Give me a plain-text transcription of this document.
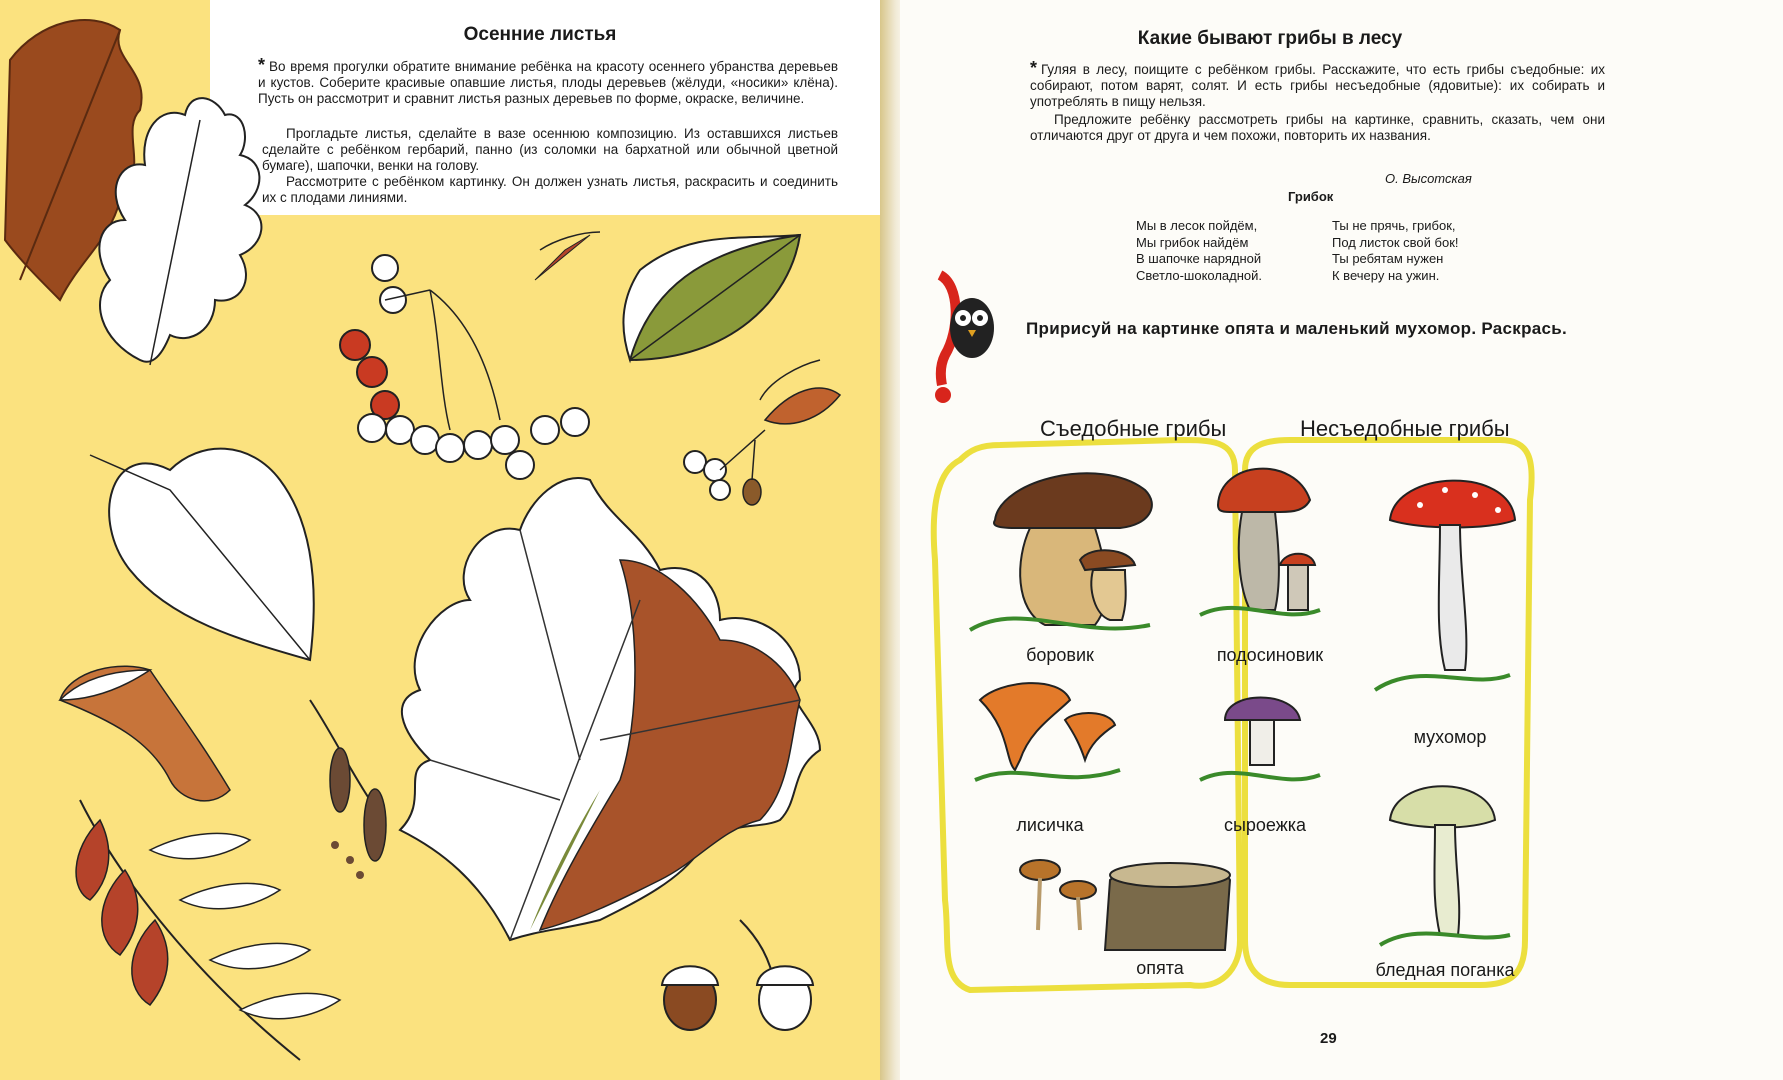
Осенние листья
* Во время прогулки обратите внимание ребёнка на красоту осеннего убранства деревьев и кустов. Соберите красивые опавшие листья, плоды деревьев (жёлуди, «носики» клёна). Пусть он рассмотрит и сравнит листья разных деревьев по форме, окраске, величине.
Прогладьте листья, сделайте в вазе осеннюю композицию. Из оставшихся листьев сделайте с ребёнком гербарий, панно (из соломки на бархатной или обычной цветной бумаге), шапочки, венки на голову.
Рассмотрите с ребёнком картинку. Он должен узнать листья, раскрасить и соединить их с плодами линиями.
Какие бывают грибы в лесу
* Гуляя в лесу, поищите с ребёнком грибы. Расскажите, что есть грибы съедобные: их собирают, потом варят, солят. И есть грибы несъедобные (ядовитые): их собирать и употреблять в пищу нельзя.
Предложите ребёнку рассмотреть грибы на картинке, сравнить, сказать, чем они отличаются друг от друга и чем похожи, повторить их названия.
О. Высотская
Грибок
Мы в лесок пойдём,
Мы грибок найдём
В шапочке нарядной
Светло-шоколадной.
Ты не прячь, грибок,
Под листок свой бок!
Ты ребятам нужен
К вечеру на ужин.
Пририсуй на картинке опята и маленький мухомор. Раскрась.
Съедобные грибы	Несъедобные грибы
боровик	подосиновик
лисичка	сыроежка
опята
мухомор
бледная поганка
29
